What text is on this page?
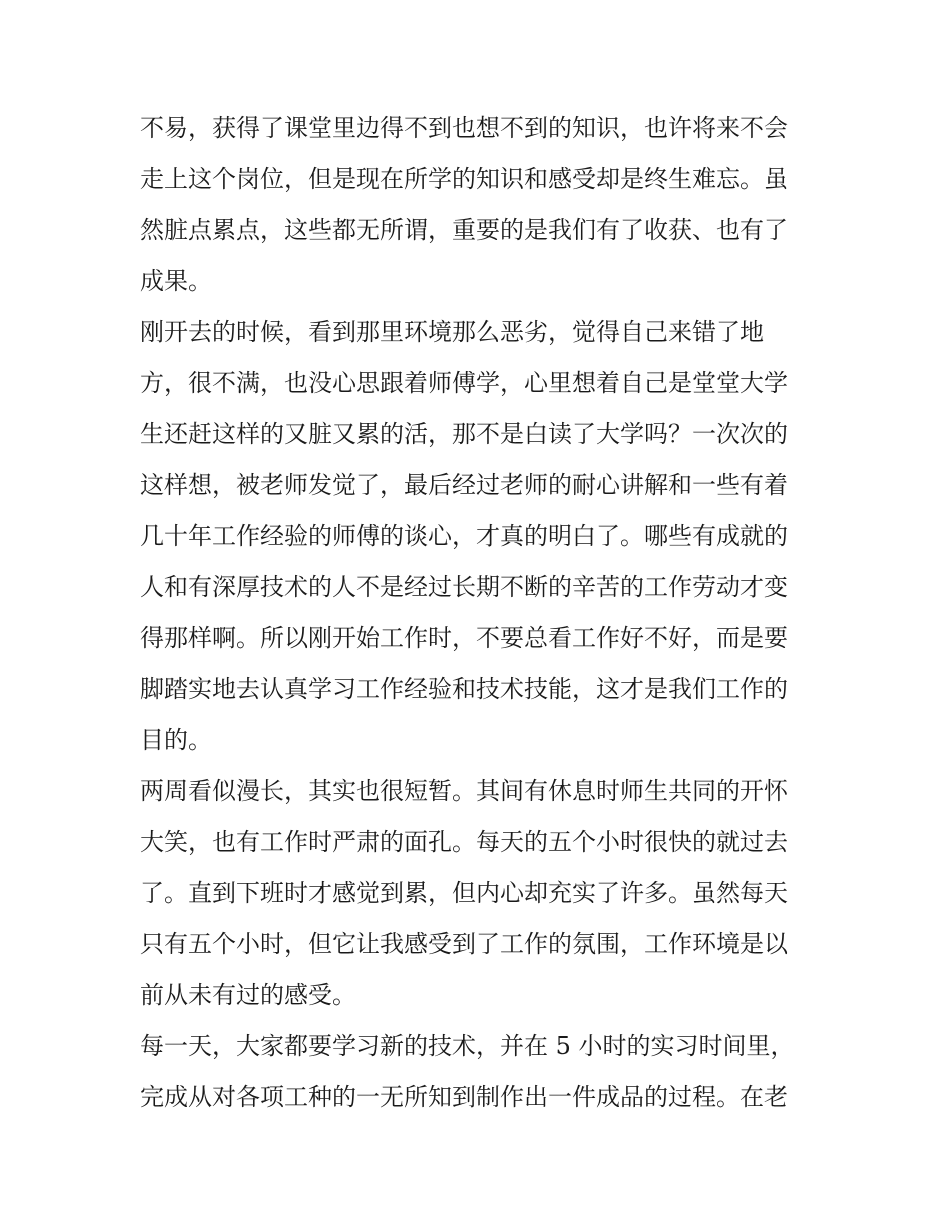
不易，获得了课堂里边得不到也想不到的知识，也许将来不会
走上这个岗位，但是现在所学的知识和感受却是终生难忘。虽
然脏点累点，这些都无所谓，重要的是我们有了收获、也有了
成果。
刚开去的时候，看到那里环境那么恶劣，觉得自己来错了地
方，很不满，也没心思跟着师傅学，心里想着自己是堂堂大学
生还赶这样的又脏又累的活，那不是白读了大学吗？一次次的
这样想，被老师发觉了，最后经过老师的耐心讲解和一些有着
几十年工作经验的师傅的谈心，才真的明白了。哪些有成就的
人和有深厚技术的人不是经过长期不断的辛苦的工作劳动才变
得那样啊。所以刚开始工作时，不要总看工作好不好，而是要
脚踏实地去认真学习工作经验和技术技能，这才是我们工作的
目的。
两周看似漫长，其实也很短暂。其间有休息时师生共同的开怀
大笑，也有工作时严肃的面孔。每天的五个小时很快的就过去
了。直到下班时才感觉到累，但内心却充实了许多。虽然每天
只有五个小时，但它让我感受到了工作的氛围，工作环境是以
前从未有过的感受。
每一天，大家都要学习新的技术，并在 5 小时的实习时间里，
完成从对各项工种的一无所知到制作出一件成品的过程。在老
